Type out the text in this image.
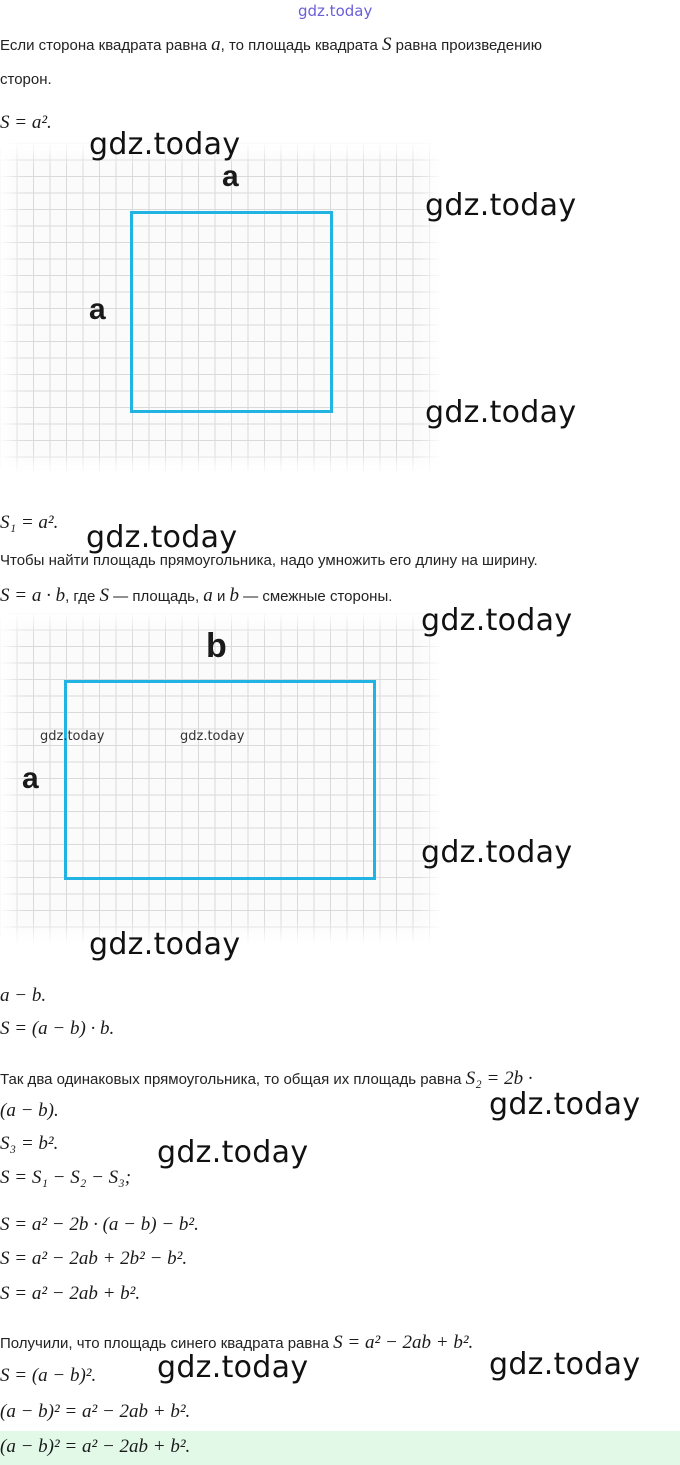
gdz.today
Если сторона квадрата равна a, то площадь квадрата S равна произведению
сторон.
S = a².
a
a
gdz.today
gdz.today
gdz.today
S₁ = a². gdz.today
Чтобы найти площадь прямоугольника, надо умножить его длину на ширину.
S = a · b, где S — площадь, a и b — смежные стороны.
b
a
gdz.today	gdz.today
gdz.today
gdz.today
gdz.today
a − b.
S = (a − b) · b.
Так два одинаковых прямоугольника, то общая их площадь равна S₂ = 2b ·
(a − b).	gdz.today
S₃ = b².	gdz.today
S = S₁ − S₂ − S₃;
S = a² − 2b · (a − b) − b².
S = a² − 2ab + 2b² − b².
S = a² − 2ab + b².
Получили, что площадь синего квадрата равна S = a² − 2ab + b².
S = (a − b)². gdz.today	gdz.today
(a − b)² = a² − 2ab + b².
(a − b)² = a² − 2ab + b².
